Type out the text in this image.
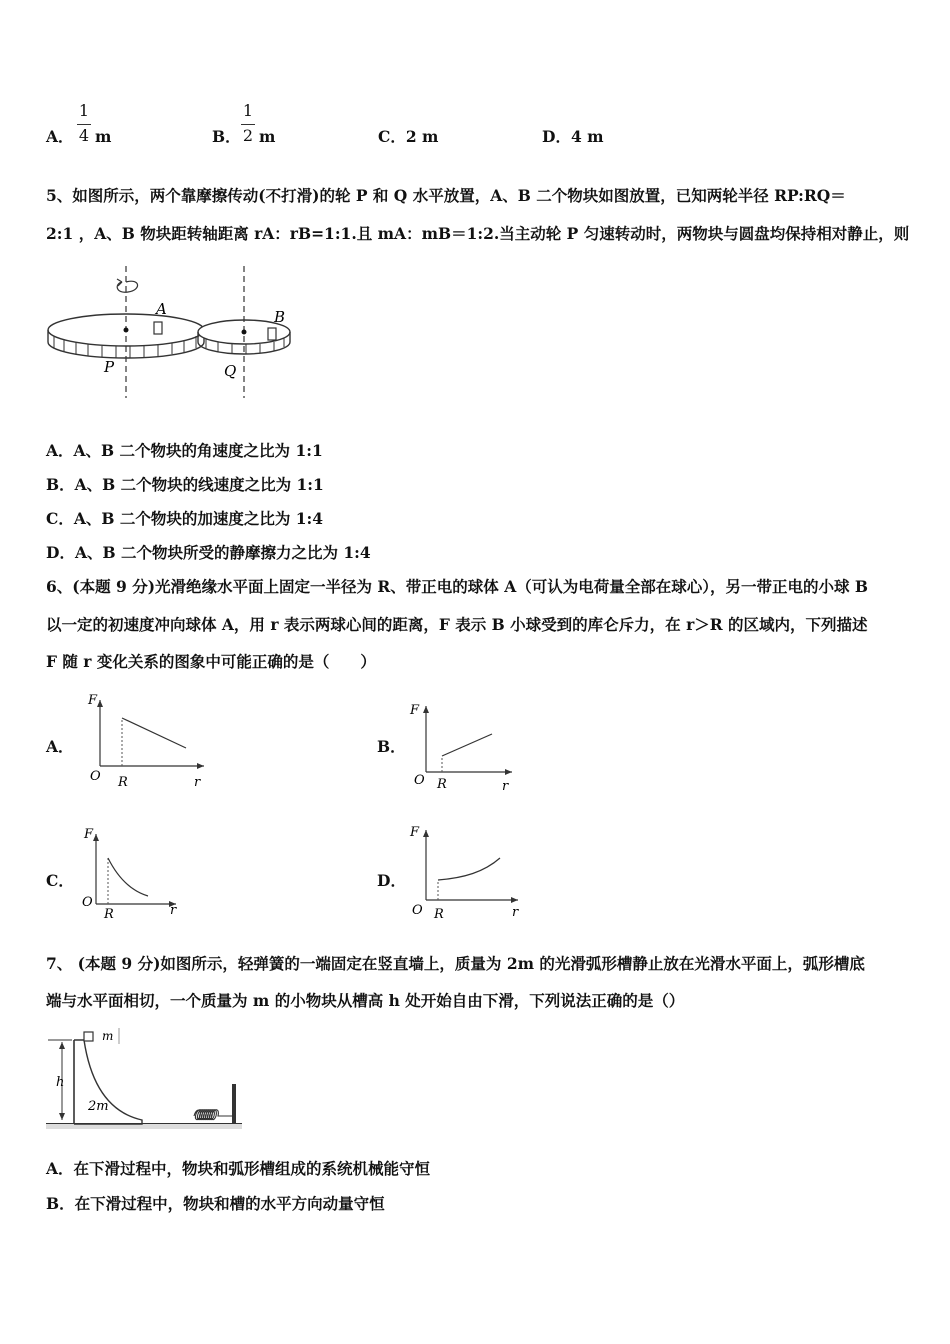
A．
1
4 m	B．
1
2 m	C．2 m	D．4 m
5、如图所示，两个靠摩擦传动(不打滑)的轮 P 和 Q 水平放置，A、B 二个物块如图放置，已知两轮半径 RP:RQ＝
2:1 ，A、B 物块距转轴距离 rA：rB=1:1.且 mA：mB＝1:2.当主动轮 P 匀速转动时，两物块与圆盘均保持相对静止，则
A	B
P	Q
A．A、B 二个物块的角速度之比为 1:1
B．A、B 二个物块的线速度之比为 1:1
C．A、B 二个物块的加速度之比为 1:4
D．A、B 二个物块所受的静摩擦力之比为 1:4
6、(本题 9 分)光滑绝缘水平面上固定一半径为 R、带正电的球体 A（可认为电荷量全部在球心），另一带正电的小球 B
以一定的初速度冲向球体 A，用 r 表示两球心间的距离，F 表示 B 小球受到的库仑斥力，在 r＞R 的区域内，下列描述
F 随 r 变化关系的图象中可能正确的是（　　）
A．
F
O R	r
B．
F
O R	r
C．
F
O
R	r
D．
F
O R	r
7、 (本题 9 分)如图所示，轻弹簧的一端固定在竖直墙上，质量为 2m 的光滑弧形槽静止放在光滑水平面上，弧形槽底
端与水平面相切，一个质量为 m 的小物块从槽高 h 处开始自由下滑，下列说法正确的是（）
m
h
2m
A．在下滑过程中，物块和弧形槽组成的系统机械能守恒
B．在下滑过程中，物块和槽的水平方向动量守恒
